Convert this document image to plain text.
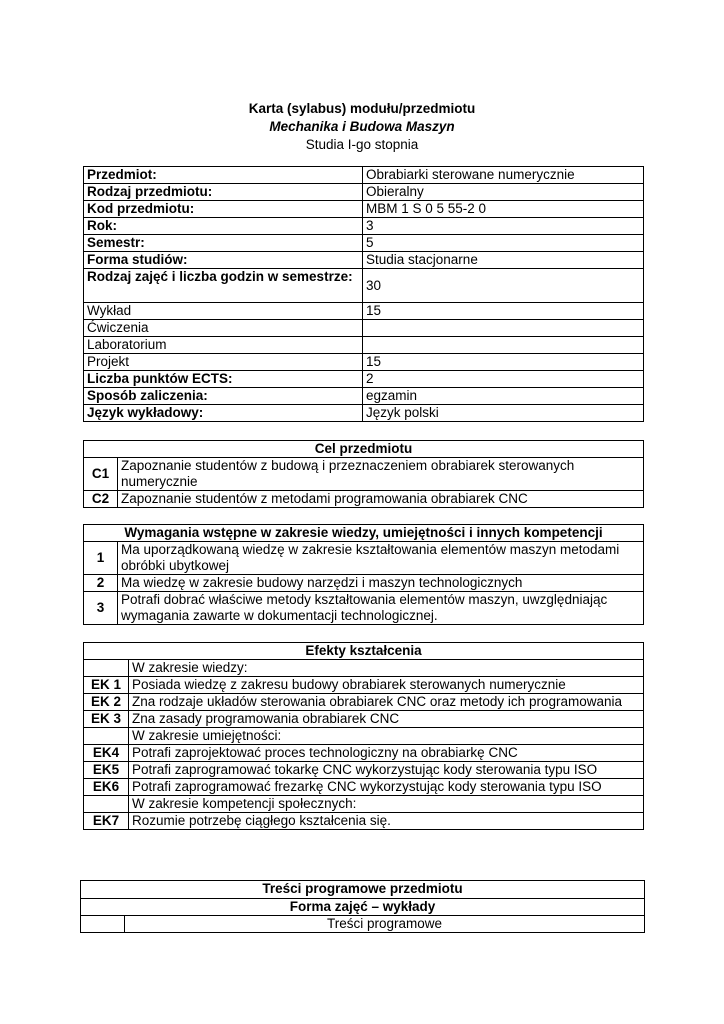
Karta (sylabus) modułu/przedmiotu
Mechanika i Budowa Maszyn
Studia I-go stopnia
Przedmiot:	Obrabiarki sterowane numerycznie
Rodzaj przedmiotu:	Obieralny
Kod przedmiotu:	MBM 1 S 0 5 55-2 0
Rok:	3
Semestr:	5
Forma studiów:	Studia stacjonarne
Rodzaj zajęć i liczba godzin w semestrze:	30
Wykład	15
Ćwiczenia	
Laboratorium	
Projekt	15
Liczba punktów ECTS:	2
Sposób zaliczenia:	egzamin
Język wykładowy:	Język polski
Cel przedmiotu	
C1	Zapoznanie studentów z budową i przeznaczeniem obrabiarek sterowanych numerycznie
C2	Zapoznanie studentów z metodami programowania obrabiarek CNC
Wymagania wstępne w zakresie wiedzy, umiejętności i innych kompetencji	
1	Ma uporządkowaną wiedzę w zakresie kształtowania elementów maszyn metodami obróbki ubytkowej
2	Ma wiedzę w zakresie budowy narzędzi i maszyn technologicznych
3	Potrafi dobrać właściwe metody kształtowania elementów maszyn, uwzględniając wymagania zawarte w dokumentacji technologicznej.
Efekty kształcenia	
	W zakresie wiedzy:
EK 1	Posiada wiedzę z zakresu budowy obrabiarek sterowanych numerycznie
EK 2	Zna rodzaje układów sterowania obrabiarek CNC oraz metody ich programowania
EK 3	Zna zasady programowania obrabiarek CNC
	W zakresie umiejętności:
EK4	Potrafi zaprojektować proces technologiczny na obrabiarkę CNC
EK5	Potrafi zaprogramować tokarkę CNC wykorzystując kody sterowania typu ISO
EK6	Potrafi zaprogramować frezarkę CNC wykorzystując kody sterowania typu ISO
	W zakresie kompetencji społecznych:
EK7	Rozumie potrzebę ciągłego kształcenia się.
Treści programowe przedmiotu
Forma zajęć – wykłady
	Treści programowe
